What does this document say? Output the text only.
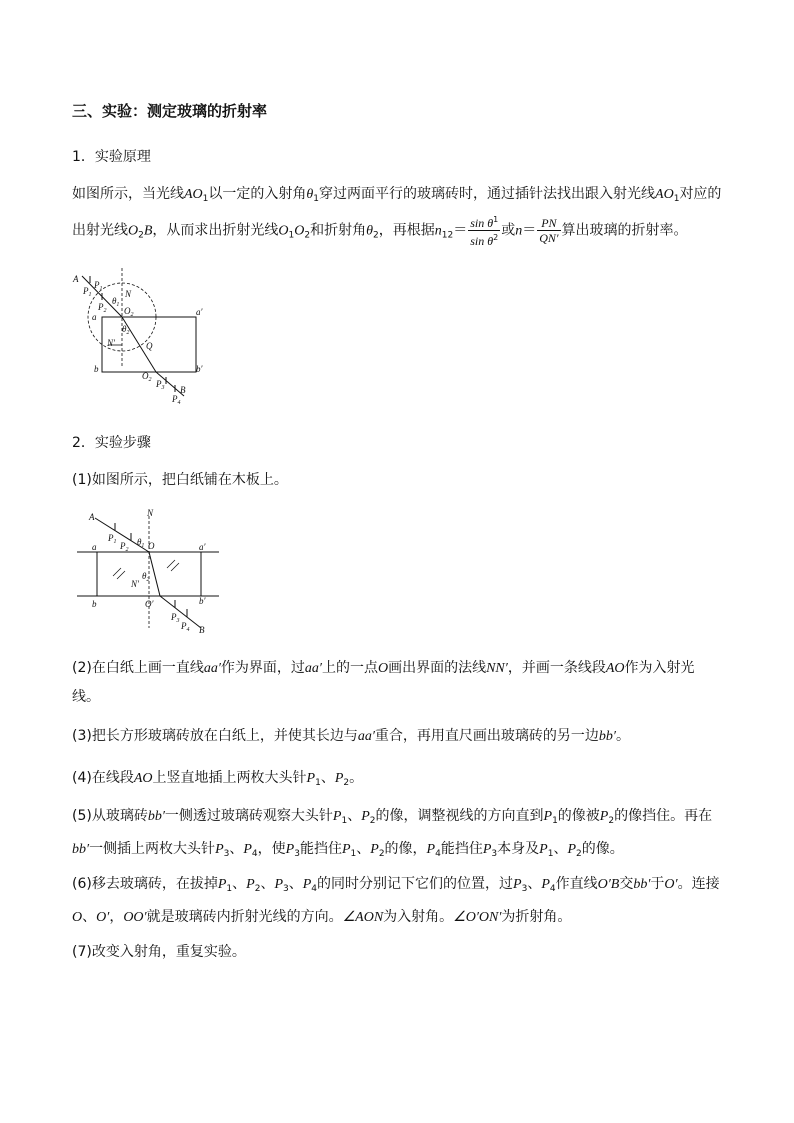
三、实验：测定玻璃的折射率
1．实验原理
如图所示，当光线$AO_1$以一定的入射角$\theta_1$穿过两面平行的玻璃砖时，通过插针法找出跟入射光线$AO_1$对应的出射光线$O_2B$，从而求出折射光线$O_1O_2$和折射角$\theta_2$，再根据$n_{12}= \frac{\sin \theta^1}{\sin \theta^2}$ 或$n= \frac{PN}{QN'}$ 算出玻璃的折射率。
A
$P_1$
$P_1$	N
$\theta_1$
$P_2$
a
$O_2$	a′
$\theta_2$
N′	Q
b
$O_2$ $P_3$
b′
B
$P_4$
2．实验步骤
(1)如图所示，把白纸铺在木板上。
A	N
$P_1$ $P_2$
$\theta_1$
a	O	a′
$\theta_2$
N′
O′
b	b′
$P_3$ $P_4$ B
(2)在白纸上画一直线aa′作为界面，过aa′上的一点O画出界面的法线NN′，并画一条线段AO作为入射光线。
(3)把长方形玻璃砖放在白纸上，并使其长边与aa′重合，再用直尺画出玻璃砖的另一边bb′。
(4)在线段AO上竖直地插上两枚大头针$P_1$、$P_2$。
(5)从玻璃砖bb′一侧透过玻璃砖观察大头针$P_1$、$P_2$的像，调整视线的方向直到$P_1$的像被$P_2$的像挡住。再在bb′一侧插上两枚大头针$P_3$、$P_4$，使$P_3$能挡住$P_1$、$P_2$的像，$P_4$能挡住$P_3$本身及$P_1$、$P_2$的像。
(6)移去玻璃砖，在拔掉$P_1$、$P_2$、$P_3$、$P_4$的同时分别记下它们的位置，过$P_3$、$P_4$作直线O′B交bb′于O′。连接O、O′，OO′就是玻璃砖内折射光线的方向。∠AON为入射角。∠O′ON′为折射角。
(7)改变入射角，重复实验。
